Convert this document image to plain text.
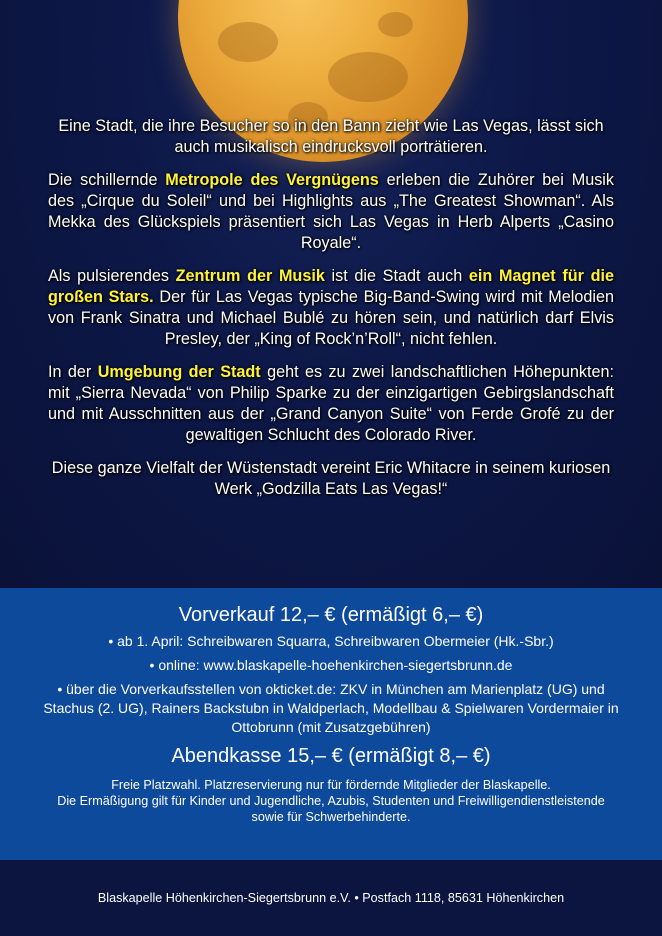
Eine Stadt, die ihre Besucher so in den Bann zieht wie Las Vegas, lässt sich auch musikalisch eindrucksvoll porträtieren.

Die schillernde Metropole des Vergnügens erleben die Zuhörer bei Musik des „Cirque du Soleil“ und bei Highlights aus „The Greatest Showman“. Als Mekka des Glückspiels präsentiert sich Las Vegas in Herb Alperts „Casino Royale“.

Als pulsierendes Zentrum der Musik ist die Stadt auch ein Magnet für die großen Stars. Der für Las Vegas typische Big-Band-Swing wird mit Melodien von Frank Sinatra und Michael Bublé zu hören sein, und natürlich darf Elvis Presley, der „King of Rock’n’Roll“, nicht fehlen.

In der Umgebung der Stadt geht es zu zwei landschaftlichen Höhepunkten: mit „Sierra Nevada“ von Philip Sparke zu der einzigartigen Gebirgslandschaft und mit Ausschnitten aus der „Grand Canyon Suite“ von Ferde Grofé zu der gewaltigen Schlucht des Colorado River.

Diese ganze Vielfalt der Wüstenstadt vereint Eric Whitacre in seinem kuriosen Werk „Godzilla Eats Las Vegas!“

Vorverkauf 12,– € (ermäßigt 6,– €)
• ab 1. April: Schreibwaren Squarra, Schreibwaren Obermeier (Hk.-Sbr.)
• online: www.blaskapelle-hoehenkirchen-siegertsbrunn.de
• über die Vorverkaufsstellen von okticket.de: ZKV in München am Marienplatz (UG) und Stachus (2. UG), Rainers Backstubn in Waldperlach, Modellbau & Spielwaren Vordermaier in Ottobrunn (mit Zusatzgebühren)
Abendkasse 15,– € (ermäßigt 8,– €)
Freie Platzwahl. Platzreservierung nur für fördernde Mitglieder der Blaskapelle.
Die Ermäßigung gilt für Kinder und Jugendliche, Azubis, Studenten und Freiwilligendienstleistende sowie für Schwerbehinderte.
Blaskapelle Höhenkirchen-Siegertsbrunn e.V. • Postfach 1118, 85631 Höhenkirchen
